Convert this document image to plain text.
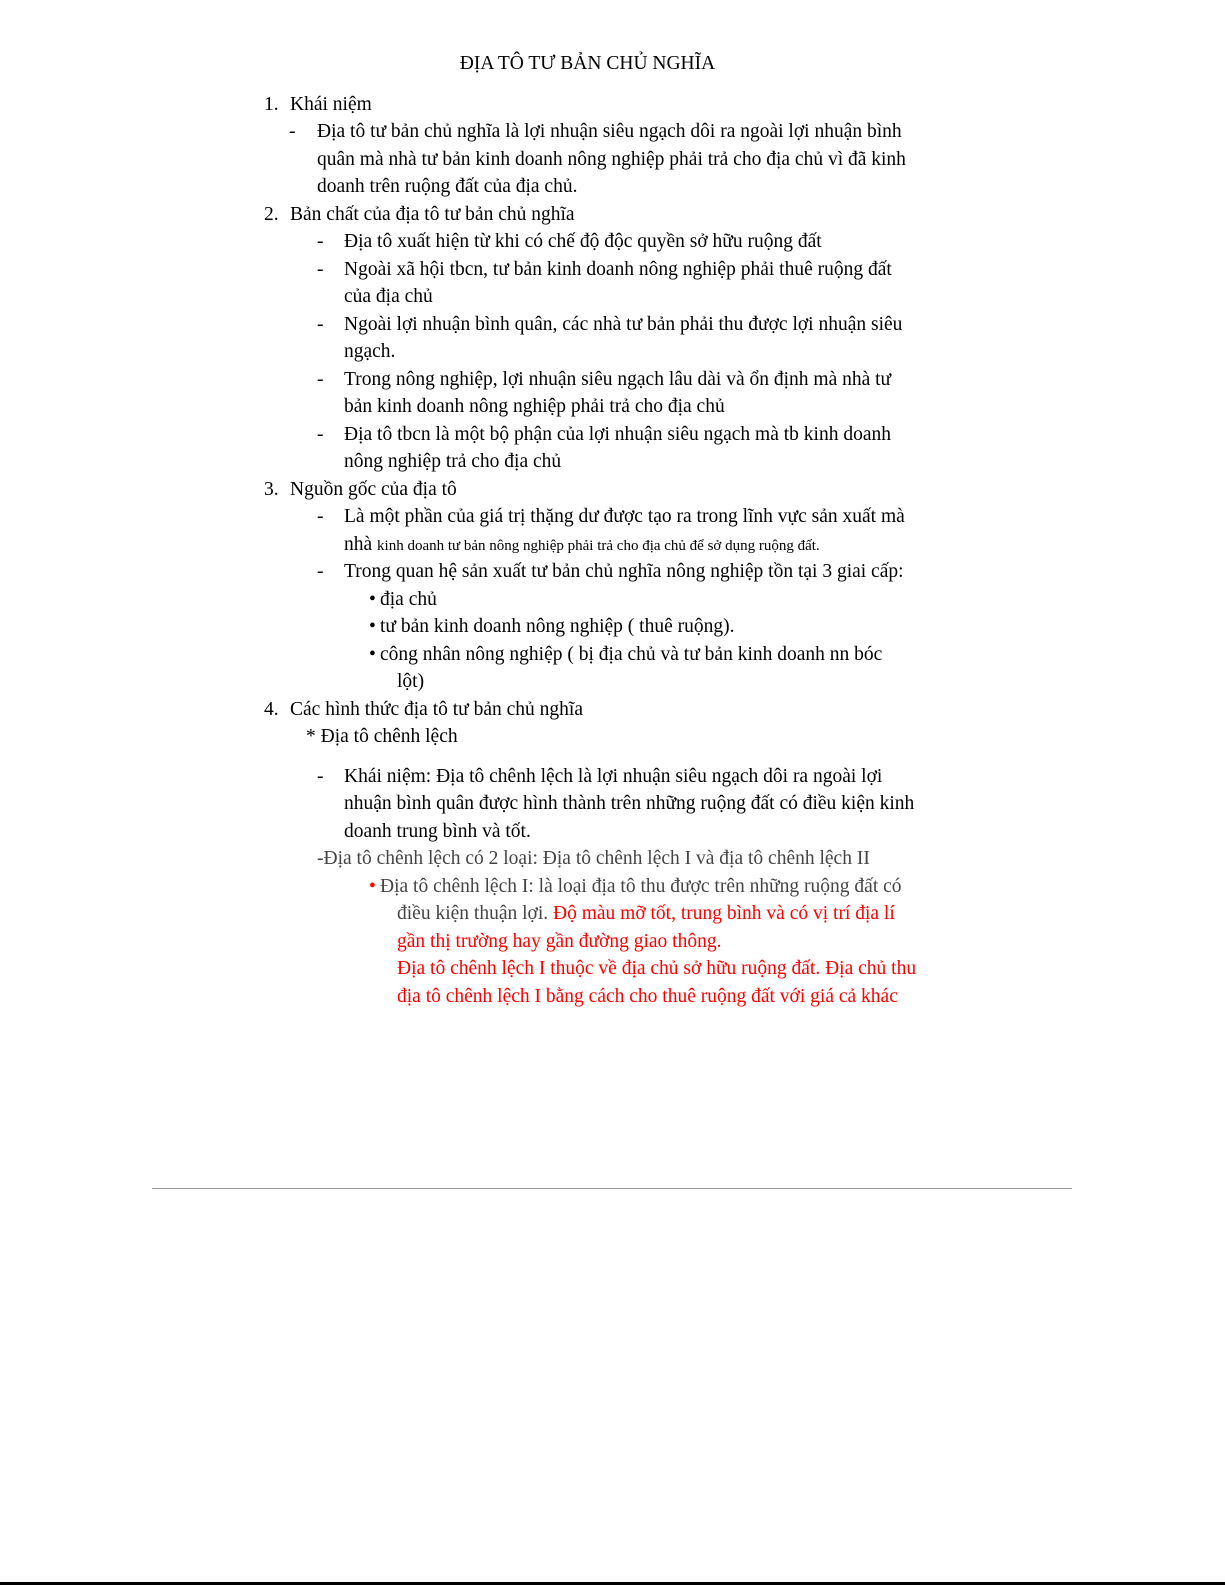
ĐỊA TÔ TƯ BẢN CHỦ NGHĨA
1. Khái niệm
- Địa tô tư bản chủ nghĩa là lợi nhuận siêu ngạch dôi ra ngoài lợi nhuận bình
quân mà nhà tư bản kinh doanh nông nghiệp phải trả cho địa chủ vì đã kinh
doanh trên ruộng đất của địa chủ.
2. Bản chất của địa tô tư bản chủ nghĩa
- Địa tô xuất hiện từ khi có chế độ độc quyền sở hữu ruộng đất
- Ngoài xã hội tbcn, tư bản kinh doanh nông nghiệp phải thuê ruộng đất
của địa chủ
- Ngoài lợi nhuận bình quân, các nhà tư bản phải thu được lợi nhuận siêu
ngạch.
- Trong nông nghiệp, lợi nhuận siêu ngạch lâu dài và ổn định mà nhà tư
bản kinh doanh nông nghiệp phải trả cho địa chủ
- Địa tô tbcn là một bộ phận của lợi nhuận siêu ngạch mà tb kinh doanh
nông nghiệp trả cho địa chủ
3. Nguồn gốc của địa tô
- Là một phần của giá trị thặng dư được tạo ra trong lĩnh vực sản xuất mà
nhà kinh doanh tư bản nông nghiệp phải trả cho địa chủ để sở dụng ruộng đất.
- Trong quan hệ sản xuất tư bản chủ nghĩa nông nghiệp tồn tại 3 giai cấp:
• địa chủ
• tư bản kinh doanh nông nghiệp ( thuê ruộng).
• công nhân nông nghiệp ( bị địa chủ và tư bản kinh doanh nn bóc
lột)
4. Các hình thức địa tô tư bản chủ nghĩa
* Địa tô chênh lệch
- Khái niệm: Địa tô chênh lệch là lợi nhuận siêu ngạch dôi ra ngoài lợi
nhuận bình quân được hình thành trên những ruộng đất có điều kiện kinh
doanh trung bình và tốt.
-Địa tô chênh lệch có 2 loại: Địa tô chênh lệch I và địa tô chênh lệch II
• Địa tô chênh lệch I: là loại địa tô thu được trên những ruộng đất có
điều kiện thuận lợi. Độ màu mỡ tốt, trung bình và có vị trí địa lí
gần thị trường hay gần đường giao thông.
Địa tô chênh lệch I thuộc về địa chủ sở hữu ruộng đất. Địa chủ thu
địa tô chênh lệch I bằng cách cho thuê ruộng đất với giá cả khác
